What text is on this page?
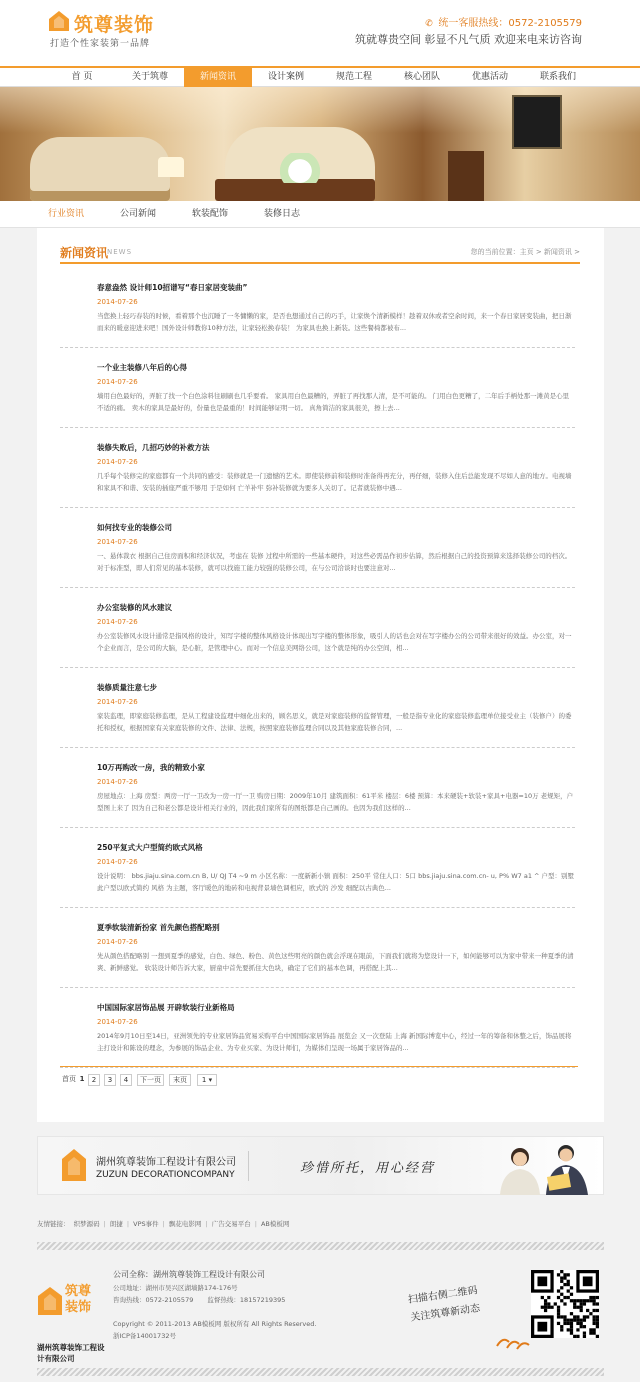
筑尊装饰
打造个性家装第一品牌
✆ 统一客服热线：0572-2105579
筑就尊贵空间 彰显不凡气质 欢迎来电来访咨询
首 页	关于筑尊	新闻资讯	设计案例	规范工程	核心团队	优惠活动	联系我们
行业资讯	公司新闻	软装配饰	装修日志
新闻资讯
NEWS	您的当前位置：主页 > 新闻资讯 >
春意盎然 设计师10招谱写“春日家居变装曲”
2014-07-26
当您换上轻巧春装的时候，看着那个也沉睡了一冬慵懒的家，是否也想通过自己的巧手，让家焕个清新模样！趁着双休或者空余时间，来一个春日家居变装曲，把日渐而来的暖意迎进来吧！国外设计师教你10种方法，让家轻松换春装！ 为家具也换上新装。这些餐椅都被布...
一个业主装修八年后的心得
2014-07-26
墙用白色最好的，弄脏了找一个白色涂料往刷刷也几乎要看。 家具用白色最糟的，弄脏了再找那人清，是不可能的。 门用白色更糟了，二年后手柄处那一滩黄是心里不适的痛。 卖木的家具是最好的，份量也是最重的！时间能够证明一切。 真角简洁的家具很美，擦上去...
装修失败后，几招巧妙的补救方法
2014-07-26
几乎每个装修完的家庭都有一个共同的感受：装修就是一门遗憾的艺术。即使装修前和装修时准备得再充分，再仔细，装修入住后总能发现不尽如人意的地方。电视墙和家具不和谐、安装的插座严重不够用 于是如何 亡羊补牢 弥补装修就为要多人关切了。记者就装修中遇...
如何找专业的装修公司
2014-07-26
一、悬体裁衣 根据自己住房面积和经济状况，考虑在 装修 过程中所需的一些基本硬件，对这些必需品作初步估算，然后根据自己的投资预算来选择装修公司的档次。对于标准型，即人们常见的基本装修，就可以找施工能力较强的装修公司，在与公司洽谈时也要注意对...
办公室装修的风水建议
2014-07-26
办公室装修风水设计通常是指风格的设计，知写字楼的整体风格设计体现出写字楼的整体形象，吸引人的话也会对在写字楼办公的公司带来很好的效益。办公室，对一个企业而言，是公司的大脑，是心脏，是管理中心。而对一个信息美网络公司，这个就是纯的办公空间，相...
装修质量注意七步
2014-07-26
家装监理，即家庭装修监理，是从工程建设监理中细化出来的，顾名思义，就是对家庭装修的监督管理，一般是指专业化的家庭装修监理单位接受业主（装修户）的委托和授权，根据国家有关家庭装修的文件、法律、法规，按照家庭装修监理合同以及其他家庭装修合同，...
10万再购改一房，我的精致小家
2014-07-26
房屋地点：上海 房型：两房一厅一卫改为一房一厅一卫 购房日期：2009年10月 建筑面积：61平米 楼层：6楼 预算：本来硬装+软装+家具+电器=10万 老规矩，户型图上来了 因为自己和老公都是设计相关行业的，因此我们家所有的图纸都是自己画的。也因为我们这样的...
250平复式大户型简约欧式风格
2014-07-26
设计说明： bbs.jiaju.sina.com.cn B, U/ QJ T4 ~9 m 小区名称：一度新新小镇 面积：250平 常住人口：5口 bbs.jiaju.sina.com.cn- u, P% W7 a1 ^ 户型：别墅 此户型以欧式简约 风格 为主题，客厅暖色的地砖和电视背景墙色调相应，欧式的 沙发 细配以古典色...
夏季软装清新扮家 首先颜色搭配略别
2014-07-26
先从颜色搭配略别 一想到夏季的感觉，白色、绿色、粉色、黄色这些明亮的颜色就会浮现在眼前，下面我们就将为您设计一下，如何能够可以为家中带来一种夏季的清爽、新鲜感觉。 软装设计师告诉大家，厨童中首先要抓住大色块，确定了它们的基本色调，再搭配上其...
中国国际家居饰品展 开辟软装行业新格局
2014-07-26
2014年9月10日至14日，亚洲领先的专业家居饰品贸易采购平台中国国际家居饰品 展览会 又一次登陆 上海 新国际博览中心，经过一年的筹备和休整之后，饰品展将主打设计和陈设的理念，为参展的饰品企业、为专业买家、为设计师们，为媒体们呈现一场属于家居饰品的...
首页 1	2	3	4	下一页	末页	1 ▾
湖州筑尊装饰工程设计有限公司
ZUZUN DECORATIONCOMPANY	珍惜所托，用心经营
友情链接： 织梦源码 | 朗捷 | VPS事件 | 飘花电影网 | 广告交易平台 | AB模板网
筑尊装饰
湖州筑尊装饰工程设计有限公司
公司全称：湖州筑尊装饰工程设计有限公司
公司地址：湖州市吴兴区湖墙路174-176号
咨询热线：0572-2105579 监督热线：18157219395
Copyright © 2011-2013 AB模板网 版权所有 All Rights Reserved.
浙ICP备14001732号
扫描右侧二维码
关注筑尊新动态
